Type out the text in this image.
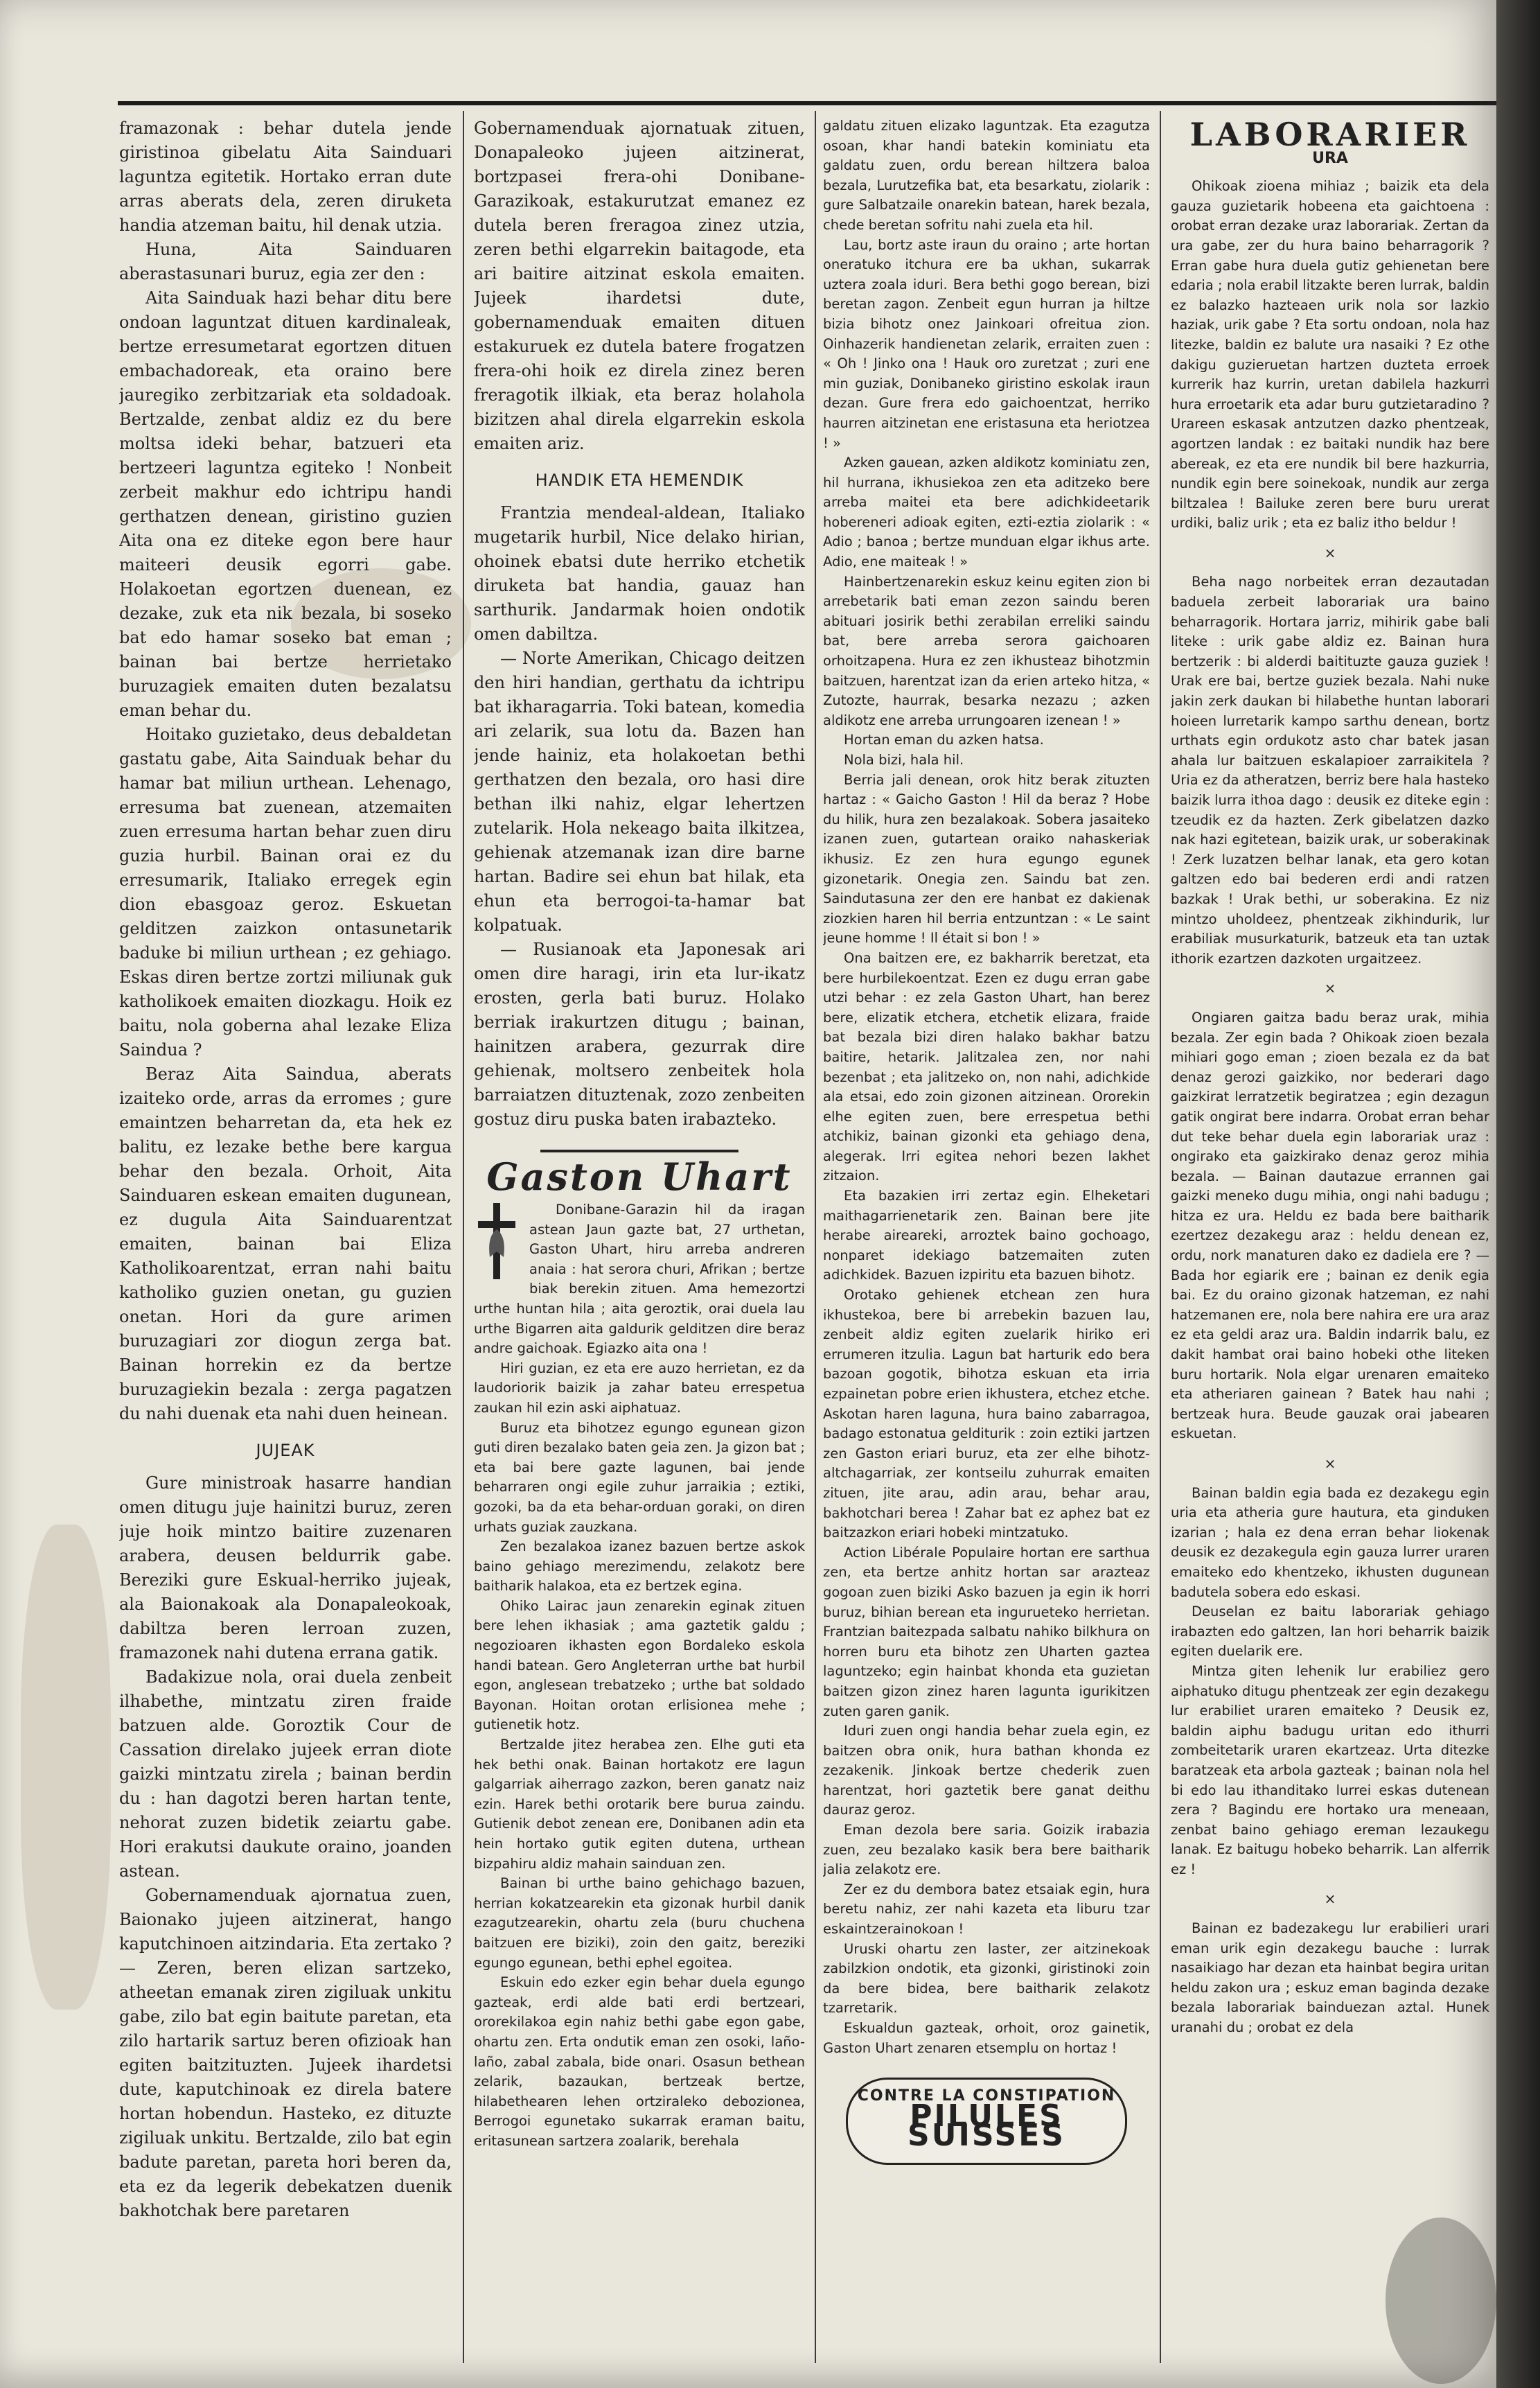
framazonak : behar dutela jende giristinoa gibelatu Aita Sainduari laguntza egitetik. Hortako erran dute arras aberats dela, zeren diruketa handia atzeman baitu, hil denak utzia.

Huna, Aita Sainduaren aberastasunari buruz, egia zer den :

Aita Sainduak hazi behar ditu bere ondoan laguntzat dituen kardinaleak, bertze erresumetarat egortzen dituen embachadoreak, eta oraino bere jauregiko zerbitzariak eta soldadoak. Bertzalde, zenbat aldiz ez du bere moltsa ideki behar, batzueri eta bertzeeri laguntza egiteko ! Nonbeit zerbeit makhur edo ichtripu handi gerthatzen denean, giristino guzien Aita ona ez diteke egon bere haur maiteeri deusik egorri gabe. Holakoetan egortzen duenean, ez dezake, zuk eta nik bezala, bi soseko bat edo hamar soseko bat eman ; bainan bai bertze herrietako buruzagiek emaiten duten bezalatsu eman behar du.

Hoitako guzietako, deus debaldetan gastatu gabe, Aita Sainduak behar du hamar bat miliun urthean. Lehenago, erresuma bat zuenean, atzemaiten zuen erresuma hartan behar zuen diru guzia hurbil. Bainan orai ez du erresumarik, Italiako erregek egin dion ebasgoaz geroz. Eskuetan gelditzen zaizkon ontasunetarik baduke bi miliun urthean ; ez gehiago. Eskas diren bertze zortzi miliunak guk katholikoek emaiten diozkagu. Hoik ez baitu, nola goberna ahal lezake Eliza Saindua ?

Beraz Aita Saindua, aberats izaiteko orde, arras da erromes ; gure emaintzen beharretan da, eta hek ez balitu, ez lezake bethe bere kargua behar den bezala. Orhoit, Aita Sainduaren eskean emaiten dugunean, ez dugula Aita Sainduarentzat emaiten, bainan bai Eliza Katholikoarentzat, erran nahi baitu katholiko guzien onetan, gu guzien onetan. Hori da gure arimen buruzagiari zor diogun zerga bat. Bainan horrekin ez da bertze buruzagiekin bezala : zerga pagatzen du nahi duenak eta nahi duen heinean.

JUJEAK

Gure ministroak hasarre handian omen ditugu juje hainitzi buruz, zeren juje hoik mintzo baitire zuzenaren arabera, deusen beldurrik gabe. Bereziki gure Eskual-herriko jujeak, ala Baionakoak ala Donapaleokoak, dabiltza beren lerroan zuzen, framazonek nahi dutena errana gatik.

Badakizue nola, orai duela zenbeit ilhabethe, mintzatu ziren fraide batzuen alde. Goroztik Cour de Cassation direlako jujeek erran diote gaizki mintzatu zirela ; bainan berdin du : han dagotzi beren hartan tente, nehorat zuzen bidetik zeiartu gabe. Hori erakutsi daukute oraino, joanden astean.

Gobernamenduak ajornatua zuen, Baionako jujeen aitzinerat, hango kaputchinoen aitzindaria. Eta zertako ? — Zeren, beren elizan sartzeko, atheetan emanak ziren zigiluak unkitu gabe, zilo bat egin baitute paretan, eta zilo hartarik sartuz beren ofizioak han egiten baitzituzten. Jujeek ihardetsi dute, kaputchinoak ez direla batere hortan hobendun. Hasteko, ez dituzte zigiluak unkitu. Bertzalde, zilo bat egin badute paretan, pareta hori beren da, eta ez da legerik debekatzen duenik bakhotchak bere paretaren

Gobernamenduak ajornatuak zituen, Donapaleoko jujeen aitzinerat, bortzpasei frera-ohi Donibane-Garazikoak, estakurutzat emanez ez dutela beren freragoa zinez utzia, zeren bethi elgarrekin baitagode, eta ari baitire aitzinat eskola emaiten. Jujeek ihardetsi dute, gobernamenduak emaiten dituen estakuruek ez dutela batere frogatzen frera-ohi hoik ez direla zinez beren freragotik ilkiak, eta beraz holahola bizitzen ahal direla elgarrekin eskola emaiten ariz.

HANDIK ETA HEMENDIK

Frantzia mendeal-aldean, Italiako mugetarik hurbil, Nice delako hirian, ohoinek ebatsi dute herriko etchetik diruketa bat handia, gauaz han sarthurik. Jandarmak hoien ondotik omen dabiltza.

— Norte Amerikan, Chicago deitzen den hiri handian, gerthatu da ichtripu bat ikharagarria. Toki batean, komedia ari zelarik, sua lotu da. Bazen han jende hainiz, eta holakoetan bethi gerthatzen den bezala, oro hasi dire bethan ilki nahiz, elgar lehertzen zutelarik. Hola nekeago baita ilkitzea, gehienak atzemanak izan dire barne hartan. Badire sei ehun bat hilak, eta ehun eta berrogoi-ta-hamar bat kolpatuak.

— Rusianoak eta Japonesak ari omen dire haragi, irin eta lur-ikatz erosten, gerla bati buruz. Holako berriak irakurtzen ditugu ; bainan, hainitzen arabera, gezurrak dire gehienak, moltsero zenbeitek hola barraiatzen dituztenak, zozo zenbeiten gostuz diru puska baten irabazteko.

Gaston Uhart

Donibane-Garazin hil da iragan astean Jaun gazte bat, 27 urthetan, Gaston Uhart, hiru arreba andreren anaia : hat serora churi, Afrikan ; bertze biak berekin zituen. Ama hemezortzi urthe huntan hila ; aita geroztik, orai duela lau urthe Bigarren aita galdurik gelditzen dire beraz andre gaichoak. Egiazko aita ona !

Hiri guzian, ez eta ere auzo herrietan, ez da laudoriorik baizik ja zahar bateu errespetua zaukan hil ezin aski aiphatuaz.

Buruz eta bihotzez egungo egunean gizon guti diren bezalako baten geia zen. Ja gizon bat ; eta bai bere gazte lagunen, bai jende beharraren ongi egile zuhur jarraikia ; eztiki, gozoki, ba da eta behar-orduan goraki, on diren urhats guziak zauzkana.

Zen bezalakoa izanez bazuen bertze askok baino gehiago merezimendu, zelakotz bere baitharik halakoa, eta ez bertzek egina.

Ohiko Lairac jaun zenarekin eginak zituen bere lehen ikhasiak ; ama gaztetik galdu ; negozioaren ikhasten egon Bordaleko eskola handi batean. Gero Angleterran urthe bat hurbil egon, anglesean trebatzeko ; urthe bat soldado Bayonan. Hoitan orotan erlisionea mehe ; gutienetik hotz.

Bertzalde jitez herabea zen. Elhe guti eta hek bethi onak. Bainan hortakotz ere lagun galgarriak aiherrago zazkon, beren ganatz naiz ezin. Harek bethi orotarik bere burua zaindu. Gutienik debot zenean ere, Donibanen adin eta hein hortako gutik egiten dutena, urthean bizpahiru aldiz mahain sainduan zen.

Bainan bi urthe baino gehichago bazuen, herrian kokatzearekin eta gizonak hurbil danik ezagutzearekin, ohartu zela (buru chuchena baitzuen ere biziki), zoin den gaitz, bereziki egungo egunean, bethi ephel egoitea.

Eskuin edo ezker egin behar duela egungo gazteak, erdi alde bati erdi bertzeari, ororekilakoa egin nahiz bethi gabe egon gabe, ohartu zen. Erta ondutik eman zen osoki, laño-laño, zabal zabala, bide onari. Osasun bethean zelarik, bazaukan, bertzeak bertze, hilabethearen lehen ortziraleko debozionea, Berrogoi egunetako sukarrak eraman baitu, eritasunean sartzera zoalarik, berehala

galdatu zituen elizako laguntzak. Eta ezagutza osoan, khar handi batekin kominiatu eta galdatu zuen, ordu berean hiltzera baloa bezala, Lurutzefika bat, eta besarkatu, ziolarik : gure Salbatzaile onarekin batean, harek bezala, chede beretan sofritu nahi zuela eta hil.

Lau, bortz aste iraun du oraino ; arte hortan oneratuko itchura ere ba ukhan, sukarrak uztera zoala iduri. Bera bethi gogo berean, bizi beretan zagon. Zenbeit egun hurran ja hiltze bizia bihotz onez Jainkoari ofreitua zion. Oinhazerik handienetan zelarik, erraiten zuen : « Oh ! Jinko ona ! Hauk oro zuretzat ; zuri ene min guziak, Donibaneko giristino eskolak iraun dezan. Gure frera edo gaichoentzat, herriko haurren aitzinetan ene eristasuna eta heriotzea ! »

Azken gauean, azken aldikotz kominiatu zen, hil hurrana, ikhusiekoa zen eta aditzeko bere arreba maitei eta bere adichkideetarik hobereneri adioak egiten, ezti-eztia ziolarik : « Adio ; banoa ; bertze munduan elgar ikhus arte. Adio, ene maiteak ! »

Hainbertzenarekin eskuz keinu egiten zion bi arrebetarik bati eman zezon saindu beren abituari josirik bethi zerabilan erreliki saindu bat, bere arreba serora gaichoaren orhoitzapena. Hura ez zen ikhusteaz bihotzmin baitzuen, harentzat izan da erien arteko hitza, « Zutozte, haurrak, besarka nezazu ; azken aldikotz ene arreba urrungoaren izenean ! »

Hortan eman du azken hatsa.

Nola bizi, hala hil.

Berria jali denean, orok hitz berak zituzten hartaz : « Gaicho Gaston ! Hil da beraz ? Hobe du hilik, hura zen bezalakoak. Sobera jasaiteko izanen zuen, gutartean oraiko nahaskeriak ikhusiz. Ez zen hura egungo egunek gizonetarik. Onegia zen. Saindu bat zen. Saindutasuna zer den ere hanbat ez dakienak ziozkien haren hil berria entzuntzan : « Le saint jeune homme ! Il était si bon ! »

Ona baitzen ere, ez bakharrik beretzat, eta bere hurbilekoentzat. Ezen ez dugu erran gabe utzi behar : ez zela Gaston Uhart, han berez bere, elizatik etchera, etchetik elizara, fraide bat bezala bizi diren halako bakhar batzu baitire, hetarik. Jalitzalea zen, nor nahi bezenbat ; eta jalitzeko on, non nahi, adichkide ala etsai, edo zoin gizonen aitzinean. Ororekin elhe egiten zuen, bere errespetua bethi atchikiz, bainan gizonki eta gehiago dena, alegerak. Irri egitea nehori bezen lakhet zitzaion.

Eta bazakien irri zertaz egin. Elheketari maithagarrienetarik zen. Bainan bere jite herabe aireareki, arroztek baino gochoago, nonparet idekiago batzemaiten zuten adichkidek. Bazuen izpiritu eta bazuen bihotz.

Orotako gehienek etchean zen hura ikhustekoa, bere bi arrebekin bazuen lau, zenbeit aldiz egiten zuelarik hiriko eri errumeren itzulia. Lagun bat harturik edo bera bazoan gogotik, bihotza eskuan eta irria ezpainetan pobre erien ikhustera, etchez etche. Askotan haren laguna, hura baino zabarragoa, badago estonatua gelditurik : zoin eztiki jartzen zen Gaston eriari buruz, eta zer elhe bihotz-altchagarriak, zer kontseilu zuhurrak emaiten zituen, jite arau, adin arau, behar arau, bakhotchari berea ! Zahar bat ez aphez bat ez baitzazkon eriari hobeki mintzatuko.

Action Libérale Populaire hortan ere sarthua zen, eta bertze anhitz hortan sar arazteaz gogoan zuen biziki Asko bazuen ja egin ik horri buruz, bihian berean eta ingurueteko herrietan. Frantzian baitezpada salbatu nahiko bilkhura on horren buru eta bihotz zen Uharten gaztea laguntzeko; egin hainbat khonda eta guzietan baitzen gizon zinez haren lagunta igurikitzen zuten garen ganik.

Iduri zuen ongi handia behar zuela egin, ez baitzen obra onik, hura bathan khonda ez zezakenik. Jinkoak bertze chederik zuen harentzat, hori gaztetik bere ganat deithu dauraz geroz.

Eman dezola bere saria. Goizik irabazia zuen, zeu bezalako kasik bera bere baitharik jalia zelakotz ere.

Zer ez du dembora batez etsaiak egin, hura beretu nahiz, zer nahi kazeta eta liburu tzar eskaintzerainokoan !

Uruski ohartu zen laster, zer aitzinekoak zabilzkion ondotik, eta gizonki, giristinoki zoin da bere bidea, bere baitharik zelakotz tzarretarik.

Eskualdun gazteak, orhoit, oroz gainetik, Gaston Uhart zenaren etsemplu on hortaz !

CONTRE LA CONSTIPATION
PILULES SUISSES
LABORARIER
URA

Ohikoak zioena mihiaz ; baizik eta dela gauza guzietarik hobeena eta gaichtoena : orobat erran dezake uraz laborariak. Zertan da ura gabe, zer du hura baino beharragorik ? Erran gabe hura duela gutiz gehienetan bere edaria ; nola erabil litzakte beren lurrak, baldin ez balazko hazteaen urik nola sor lazkio haziak, urik gabe ? Eta sortu ondoan, nola haz litezke, baldin ez balute ura nasaiki ? Ez othe dakigu guzieruetan hartzen duzteta erroek kurrerik haz kurrin, uretan dabilela hazkurri hura erroetarik eta adar buru gutzietaradino ? Urareen eskasak antzutzen dazko phentzeak, agortzen landak : ez baitaki nundik haz bere abereak, ez eta ere nundik bil bere hazkurria, nundik egin bere soinekoak, nundik aur zerga biltzalea ! Bailuke zeren bere buru urerat urdiki, baliz urik ; eta ez baliz itho beldur !

×

Beha nago norbeitek erran dezautadan baduela zerbeit laborariak ura baino beharragorik. Hortara jarriz, mihirik gabe bali liteke : urik gabe aldiz ez. Bainan hura bertzerik : bi alderdi baitituzte gauza guziek ! Urak ere bai, bertze guziek bezala. Nahi nuke jakin zerk daukan bi hilabethe huntan laborari hoieen lurretarik kampo sarthu denean, bortz urthats egin ordukotz asto char batek jasan ahala lur baitzuen eskalapioer zarraikitela ? Uria ez da atheratzen, berriz bere hala hasteko baizik lurra ithoa dago : deusik ez ditekе egin : tzeudik ez da hazten. Zerk gibelatzen dazko nak hazi egitetean, baizik urak, ur soberakinak ! Zerk luzatzen belhar lanak, eta gero kotan galtzen edo bai bederen erdi andi ratzen bazkak ! Urak bethi, ur soberakina. Ez niz mintzo uholdeez, phentzeak zikhindurik, lur erabiliak musurkaturik, batzeuk eta tan uztak ithorik ezartzen dazkoten urgaitzeez.

×

Ongiaren gaitza badu beraz urak, mihia bezala. Zer egin bada ? Ohikoak zioen bezala mihiari gogo eman ; zioen bezala ez da bat denaz gerozi gaizkiko, nor bederari dago gaizkirat lerratzetik begiratzea ; egin dezagun gatik ongirat bere indarra. Orobat erran behar dut teke behar duela egin laborariak uraz : ongirako eta gaizkirako denaz geroz mihia bezala. — Bainan dautazue errannen gai gaizki meneko dugu mihia, ongi nahi badugu ; hitza ez ura. Heldu ez bada bere baitharik ezertzez dezakegu araz : heldu denean ez, ordu, nork manaturen dako ez dadiela ere ? — Bada hor egiarik ere ; bainan ez denik egia bai. Ez du oraino gizonak hatzeman, ez nahi hatzemanen ere, nola bere nahira ere ura araz ez eta geldi araz ura. Baldin indarrik balu, ez dakit hambat orai baino hobeki othe liteken buru hortarik. Nola elgar urenaren emaiteko eta atheriaren gainean ? Batek hau nahi ; bertzeak hura. Beude gauzak orai jabearen eskuetan.

×

Bainan baldin egia bada ez dezakegu egin uria eta atheria gure hautura, eta ginduken izarian ; hala ez dena erran behar liokenak deusik ez dezakegula egin gauza lurrer uraren emaiteko edo khentzeko, ikhusten dugunean badutela sobera edo eskasi.

Deuselan ez baitu laborariak gehiago irabazten edo galtzen, lan hori beharrik baizik egiten duelarik ere.

Mintza giten lehenik lur erabiliez gero aiphatuko ditugu phentzeak zer egin dezakegu lur erabiliet uraren emaiteko ? Deusik ez, baldin aiphu badugu uritan edo ithurri zombeitetarik uraren ekartzeaz. Urta ditezke baratzeak eta arbola gazteak ; bainan nola hel bi edo lau ithanditako lurrei eskas dutenean zera ? Bagindu ere hortako ura meneaan, zenbat baino gehiago ereman lezaukegu lanak. Ez baitugu hobeko beharrik. Lan alferrik ez !

×

Bainan ez badezakegu lur erabilieri urari eman urik egin dezakegu bauche : lurrak nasaikiago har dezan eta hainbat begira uritan heldu zakon ura ; eskuz eman baginda dezake bezala laborariak bainduezan aztal. Hunek uranahi du ; orobat ez dela
